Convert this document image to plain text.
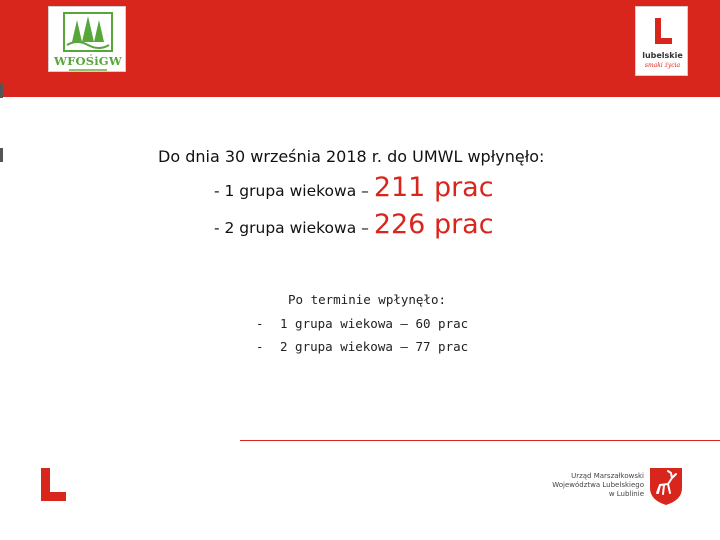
WFOŚiGW	lubelskie
smaki życia
Do dnia 30 września 2018 r. do UMWL wpłynęło:
- 1 grupa wiekowa – 211 prac
- 2 grupa wiekowa – 226 prac

Po terminie wpłynęło:

- 1 grupa wiekowa – 60 prac
- 2 grupa wiekowa – 77 prac
Urząd Marszałkowski
Województwa Lubelskiego
w Lublinie
